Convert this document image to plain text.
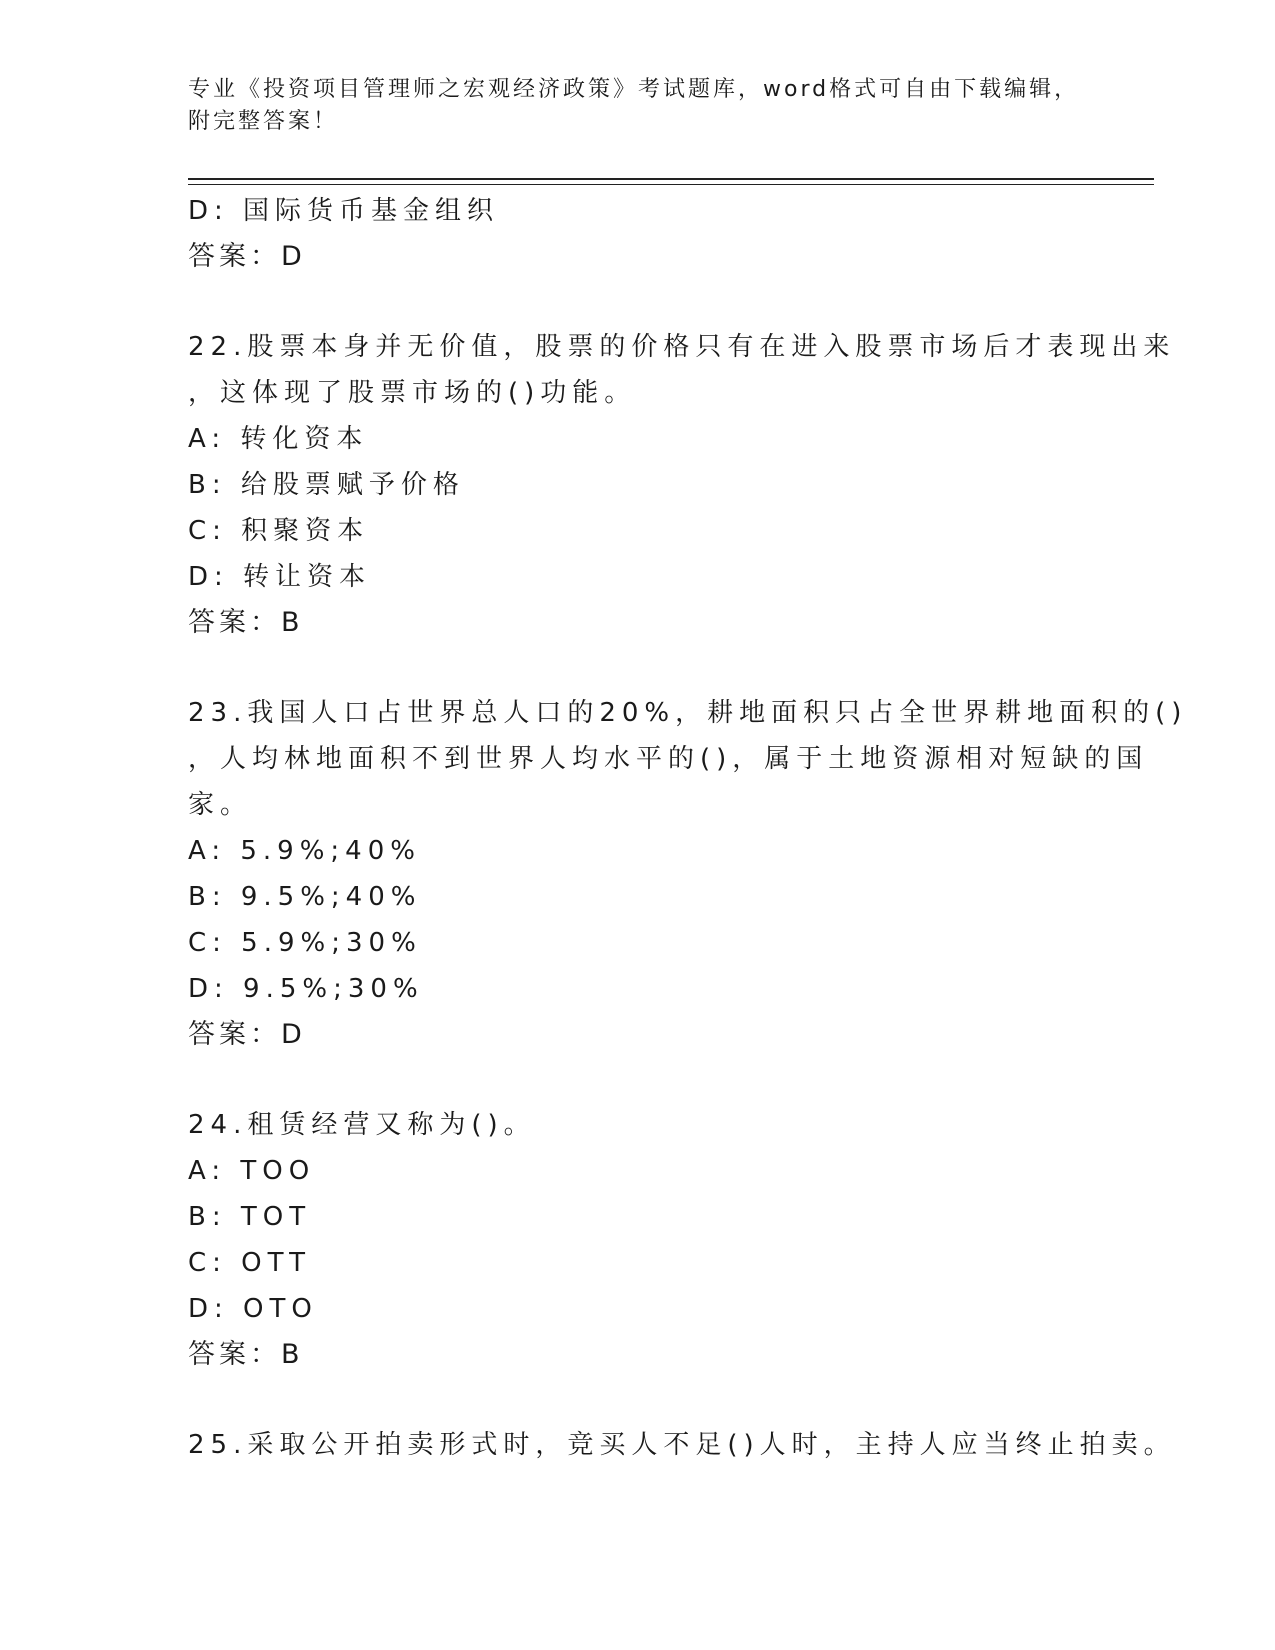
专业《投资项目管理师之宏观经济政策》考试题库，word格式可自由下载编辑，
附完整答案！
D: 国际货币基金组织
答案：D
22.股票本身并无价值，股票的价格只有在进入股票市场后才表现出来
，这体现了股票市场的()功能。
A: 转化资本
B: 给股票赋予价格
C: 积聚资本
D: 转让资本
答案：B
23.我国人口占世界总人口的20%，耕地面积只占全世界耕地面积的()
，人均林地面积不到世界人均水平的()，属于土地资源相对短缺的国
家。
A: 5.9%;40%
B: 9.5%;40%
C: 5.9%;30%
D: 9.5%;30%
答案：D
24.租赁经营又称为()。
A: TOO
B: TOT
C: OTT
D: OTO
答案：B
25.采取公开拍卖形式时，竞买人不足()人时，主持人应当终止拍卖。
